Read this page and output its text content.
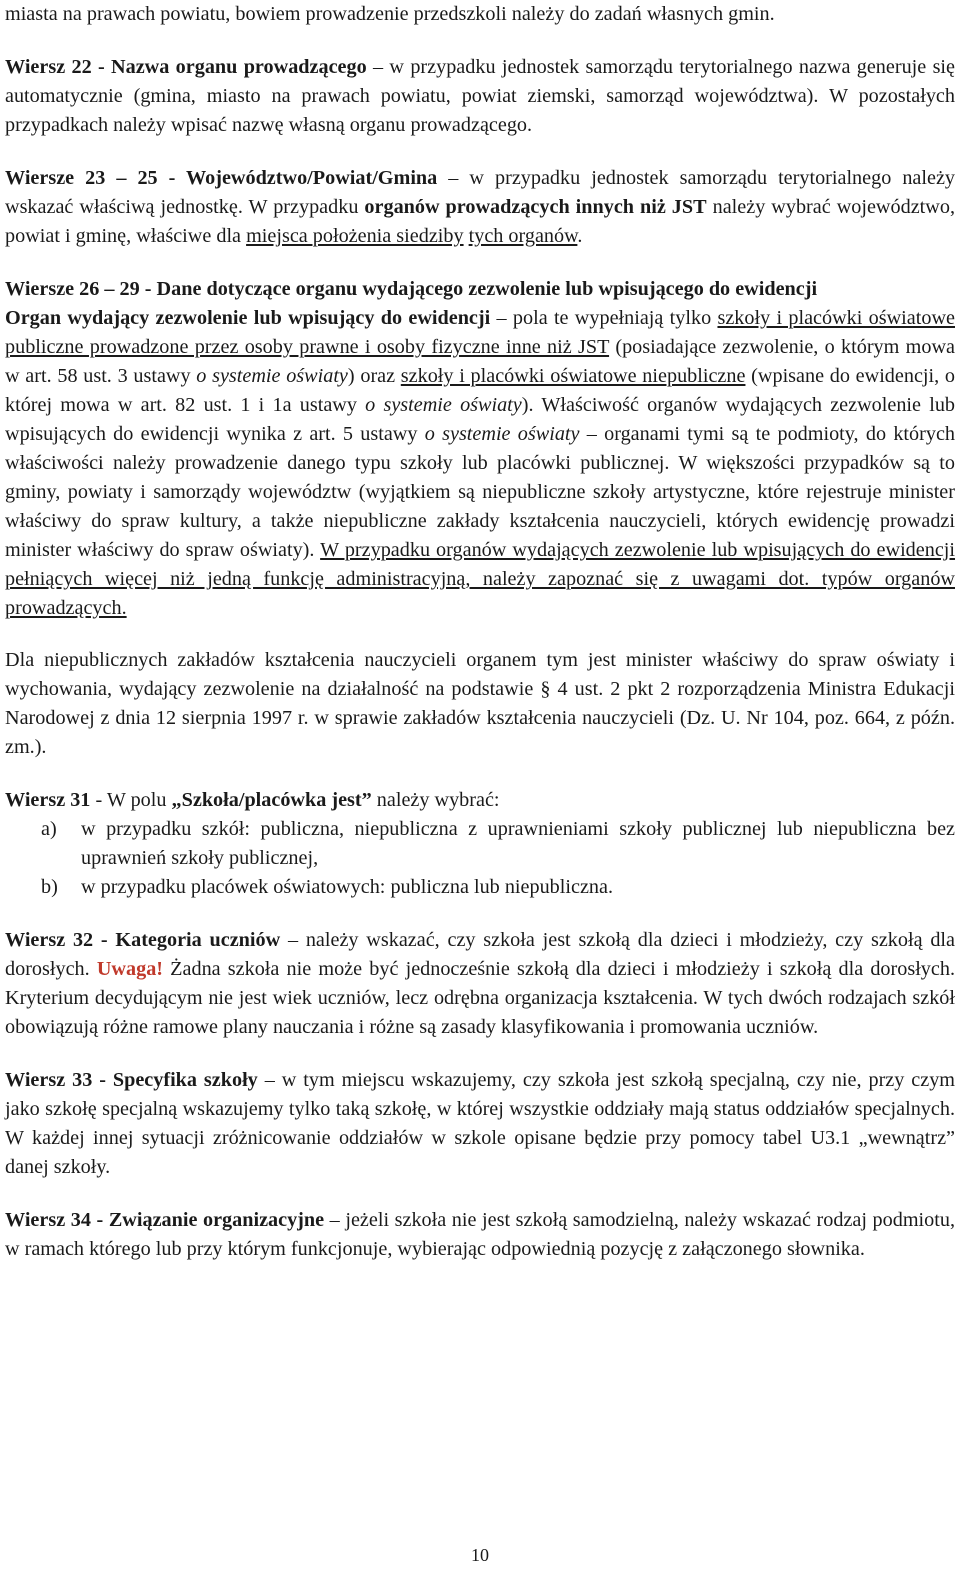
miasta na prawach powiatu, bowiem prowadzenie przedszkoli należy do zadań własnych gmin.

Wiersz 22 - Nazwa organu prowadzącego – w przypadku jednostek samorządu terytorialnego nazwa generuje się automatycznie (gmina, miasto na prawach powiatu, powiat ziemski, samorząd województwa). W pozostałych przypadkach należy wpisać nazwę własną organu prowadzącego.

Wiersze 23 – 25 - Województwo/Powiat/Gmina – w przypadku jednostek samorządu terytorialnego należy wskazać właściwą jednostkę. W przypadku organów prowadzących innych niż JST należy wybrać województwo, powiat i gminę, właściwe dla miejsca położenia siedziby tych organów.

Wiersze 26 – 29 - Dane dotyczące organu wydającego zezwolenie lub wpisującego do ewidencji

Organ wydający zezwolenie lub wpisujący do ewidencji – pola te wypełniają tylko szkoły i placówki oświatowe publiczne prowadzone przez osoby prawne i osoby fizyczne inne niż JST (posiadające zezwolenie, o którym mowa w art. 58 ust. 3 ustawy o systemie oświaty) oraz szkoły i placówki oświatowe niepubliczne (wpisane do ewidencji, o której mowa w art. 82 ust. 1 i 1a ustawy o systemie oświaty). Właściwość organów wydających zezwolenie lub wpisujących do ewidencji wynika z art. 5 ustawy o systemie oświaty – organami tymi są te podmioty, do których właściwości należy prowadzenie danego typu szkoły lub placówki publicznej. W większości przypadków są to gminy, powiaty i samorządy województw (wyjątkiem są niepubliczne szkoły artystyczne, które rejestruje minister właściwy do spraw kultury, a także niepubliczne zakłady kształcenia nauczycieli, których ewidencję prowadzi minister właściwy do spraw oświaty). W przypadku organów wydających zezwolenie lub wpisujących do ewidencji pełniących więcej niż jedną funkcję administracyjną, należy zapoznać się z uwagami dot. typów organów prowadzących.

Dla niepublicznych zakładów kształcenia nauczycieli organem tym jest minister właściwy do spraw oświaty i wychowania, wydający zezwolenie na działalność na podstawie § 4 ust. 2 pkt 2 rozporządzenia Ministra Edukacji Narodowej z dnia 12 sierpnia 1997 r. w sprawie zakładów kształcenia nauczycieli (Dz. U. Nr 104, poz. 664, z późn. zm.).

Wiersz 31 - W polu „Szkoła/placówka jest” należy wybrać:

a) w przypadku szkół: publiczna, niepubliczna z uprawnieniami szkoły publicznej lub niepubliczna bez uprawnień szkoły publicznej,
b) w przypadku placówek oświatowych: publiczna lub niepubliczna.

Wiersz 32 - Kategoria uczniów – należy wskazać, czy szkoła jest szkołą dla dzieci i młodzieży, czy szkołą dla dorosłych. Uwaga! Żadna szkoła nie może być jednocześnie szkołą dla dzieci i młodzieży i szkołą dla dorosłych. Kryterium decydującym nie jest wiek uczniów, lecz odrębna organizacja kształcenia. W tych dwóch rodzajach szkół obowiązują różne ramowe plany nauczania i różne są zasady klasyfikowania i promowania uczniów.

Wiersz 33 - Specyfika szkoły – w tym miejscu wskazujemy, czy szkoła jest szkołą specjalną, czy nie, przy czym jako szkołę specjalną wskazujemy tylko taką szkołę, w której wszystkie oddziały mają status oddziałów specjalnych. W każdej innej sytuacji zróżnicowanie oddziałów w szkole opisane będzie przy pomocy tabel U3.1 „wewnątrz” danej szkoły.

Wiersz 34 - Związanie organizacyjne – jeżeli szkoła nie jest szkołą samodzielną, należy wskazać rodzaj podmiotu, w ramach którego lub przy którym funkcjonuje, wybierając odpowiednią pozycję z załączonego słownika.

10
